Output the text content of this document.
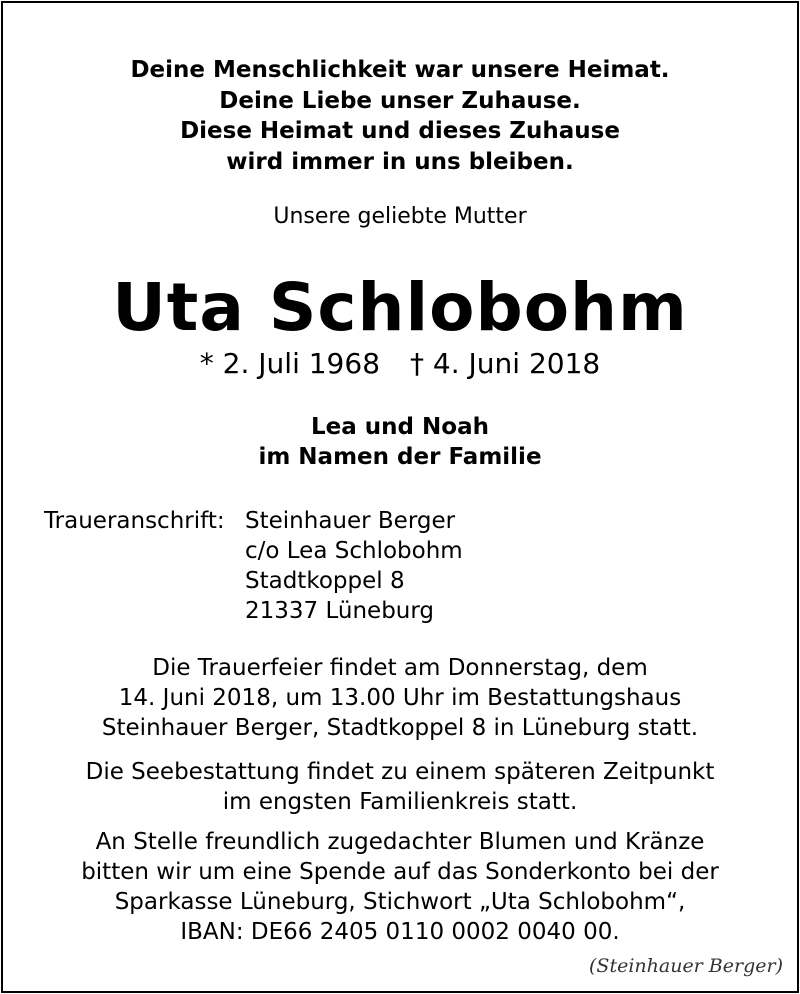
Deine Menschlichkeit war unsere Heimat.
Deine Liebe unser Zuhause.
Diese Heimat und dieses Zuhause
wird immer in uns bleiben.
Unsere geliebte Mutter
Uta Schlobohm
* 2. Juli 1968 † 4. Juni 2018
Lea und Noah
im Namen der Familie
Traueranschrift: Steinhauer Berger
c/o Lea Schlobohm
Stadtkoppel 8
21337 Lüneburg
Die Trauerfeier findet am Donnerstag, dem
14. Juni 2018, um 13.00 Uhr im Bestattungshaus
Steinhauer Berger, Stadtkoppel 8 in Lüneburg statt.
Die Seebestattung findet zu einem späteren Zeitpunkt
im engsten Familienkreis statt.
An Stelle freundlich zugedachter Blumen und Kränze
bitten wir um eine Spende auf das Sonderkonto bei der
Sparkasse Lüneburg, Stichwort „Uta Schlobohm“,
IBAN: DE66 2405 0110 0002 0040 00.
(Steinhauer Berger)
